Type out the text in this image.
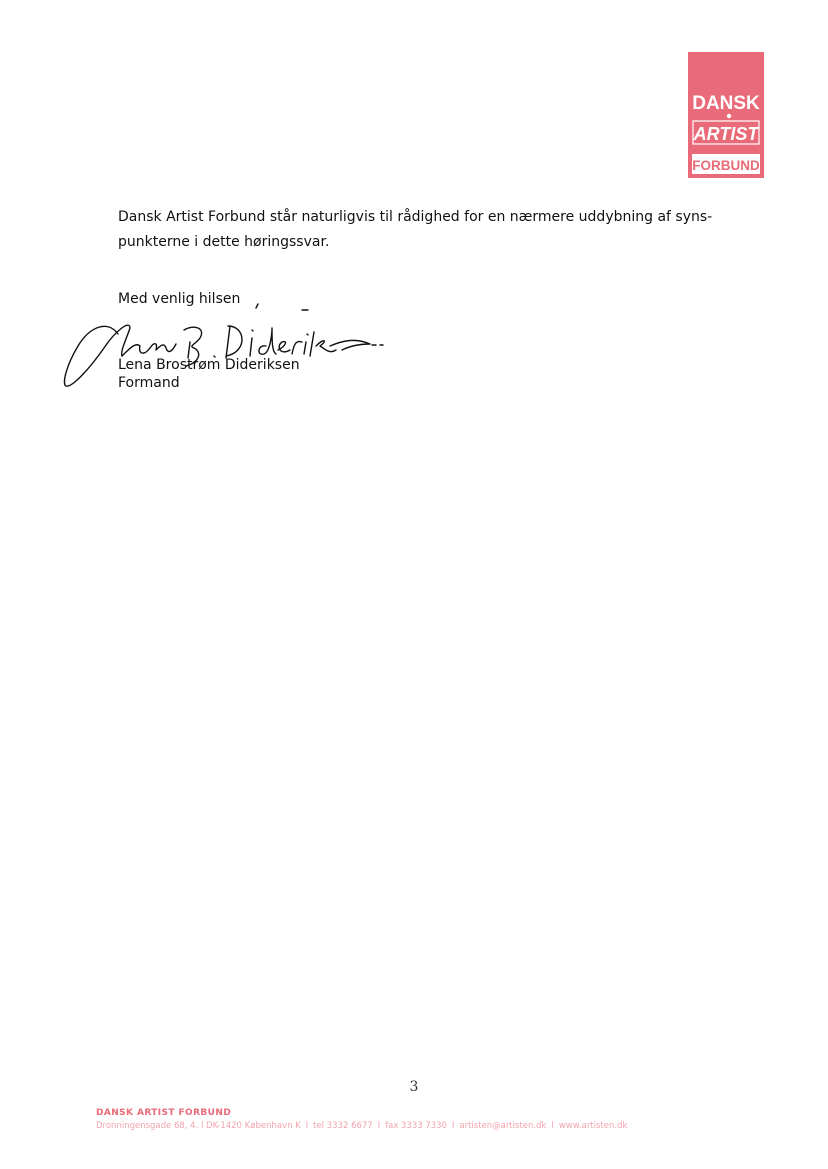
DANSK
ARTIST
FORBUND

Dansk Artist Forbund står naturligvis til rådighed for en nærmere uddybning af syns-
punkterne i dette høringssvar.

Med venlig hilsen

Lena Brostrøm Dideriksen

Formand

3
DANSK ARTIST FORBUND
Dronningensgade 68, 4. l DK-1420 København K l tel 3332 6677 l fax 3333 7330 l artisten@artisten.dk l www.artisten.dk
